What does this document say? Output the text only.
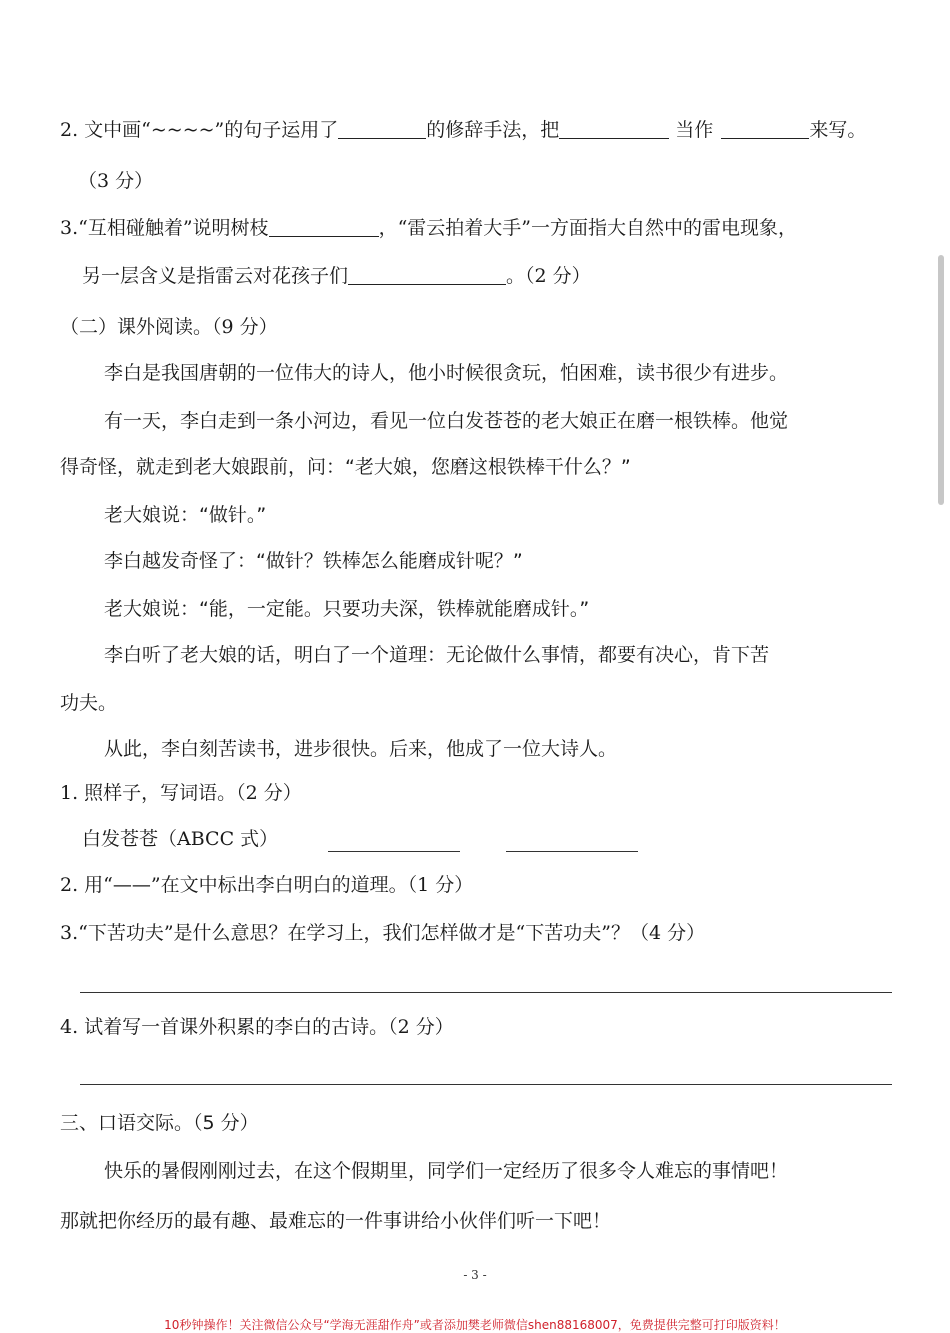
2. 文中画“~~~~”的句子运用了	的修辞手法，把	当作	来写。
（3 分）
3.“互相碰触着”说明树枝	，“雷云拍着大手”一方面指大自然中的雷电现象，
另一层含义是指雷云对花孩子们	。（2 分）
（二）课外阅读。（9 分）
李白是我国唐朝的一位伟大的诗人，他小时候很贪玩，怕困难，读书很少有进步。
有一天，李白走到一条小河边，看见一位白发苍苍的老大娘正在磨一根铁棒。他觉
得奇怪，就走到老大娘跟前，问：“老大娘，您磨这根铁棒干什么？”
老大娘说：“做针。”
李白越发奇怪了：“做针？铁棒怎么能磨成针呢？”
老大娘说：“能，一定能。只要功夫深，铁棒就能磨成针。”
李白听了老大娘的话，明白了一个道理：无论做什么事情，都要有决心，肯下苦
功夫。
从此，李白刻苦读书，进步很快。后来，他成了一位大诗人。
1. 照样子，写词语。（2 分）
白发苍苍（ABCC 式）
2. 用“——”在文中标出李白明白的道理。（1 分）
3.“下苦功夫”是什么意思？在学习上，我们怎样做才是“下苦功夫”？（4 分）
4. 试着写一首课外积累的李白的古诗。（2 分）
三、口语交际。（5 分）
快乐的暑假刚刚过去，在这个假期里，同学们一定经历了很多令人难忘的事情吧！
那就把你经历的最有趣、最难忘的一件事讲给小伙伴们听一下吧！
- 3 -
10秒钟操作！关注微信公众号“学海无涯甜作舟”或者添加樊老师微信shen88168007，免费提供完整可打印版资料！
